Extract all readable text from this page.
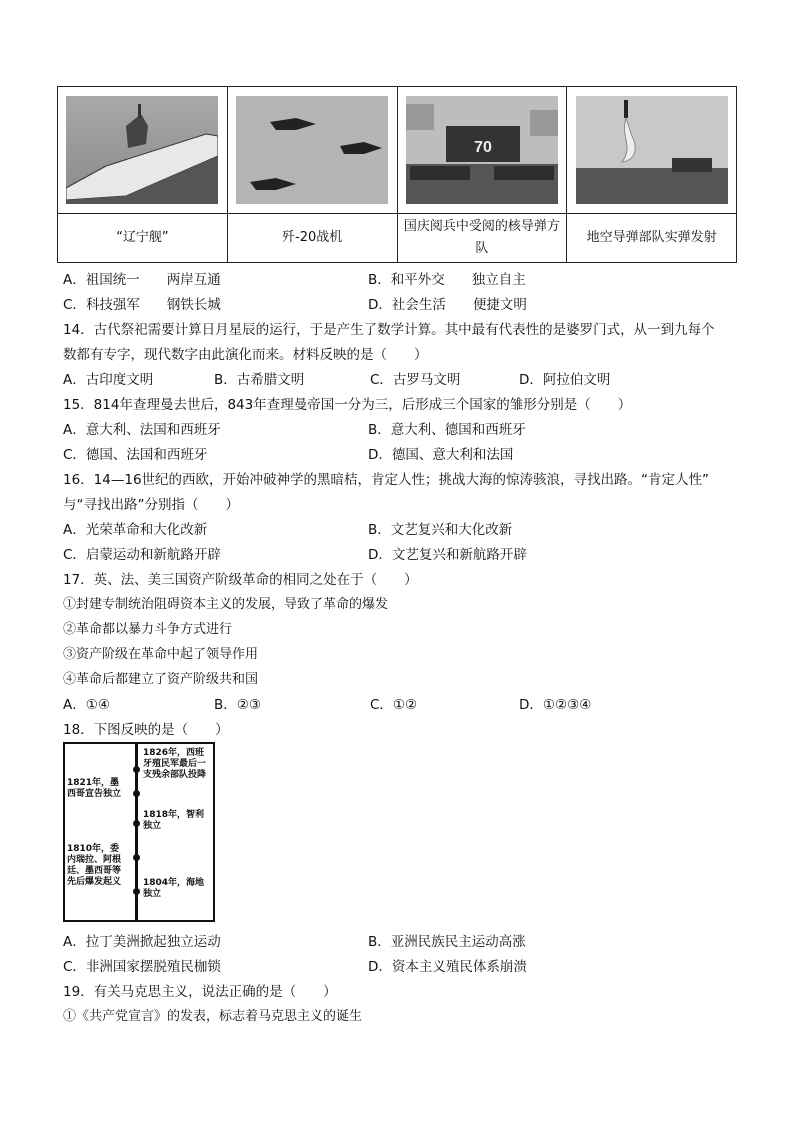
70

“辽宁舰”	歼-20战机	国庆阅兵中受阅的核导弹方队	地空导弹部队实弹发射
A．祖国统一　　两岸互通	B．和平外交　　独立自主
C．科技强军　　钢铁长城	D．社会生活　　便捷文明
14．古代祭祀需要计算日月星辰的运行，于是产生了数学计算。其中最有代表性的是婆罗门式，从一到九每个
数都有专字，现代数字由此演化而来。材料反映的是（　　）
A．古印度文明	B．古希腊文明	C．古罗马文明	D．阿拉伯文明
15．814年查理曼去世后，843年查理曼帝国一分为三，后形成三个国家的雏形分别是（　　）
A．意大利、法国和西班牙	B．意大利、德国和西班牙
C．德国、法国和西班牙	D．德国、意大利和法国
16．14—16世纪的西欧，开始冲破神学的黑暗桔，肯定人性；挑战大海的惊涛骇浪，寻找出路。“肯定人性”
与“寻找出路”分别指（　　）
A．光荣革命和大化改新	B．文艺复兴和大化改新
C．启蒙运动和新航路开辟	D．文艺复兴和新航路开辟
17．英、法、美三国资产阶级革命的相同之处在于（　　）
①封建专制统治阻碍资本主义的发展，导致了革命的爆发
②革命都以暴力斗争方式进行
③资产阶级在革命中起了领导作用
④革命后都建立了资产阶级共和国
A．①④	B．②③	C．①②	D．①②③④
18．下图反映的是（　　）
1826年，西班牙殖民军最后一支残余部队投降
1821年，墨西哥宣告独立
1818年，智利独立
1810年，委内瑞拉、阿根廷、墨西哥等先后爆发起义	1804年，海地独立
A．拉丁美洲掀起独立运动	B．亚洲民族民主运动高涨
C．非洲国家摆脱殖民枷锁	D．资本主义殖民体系崩溃
19．有关马克思主义，说法正确的是（　　）
①《共产党宣言》的发表，标志着马克思主义的诞生
